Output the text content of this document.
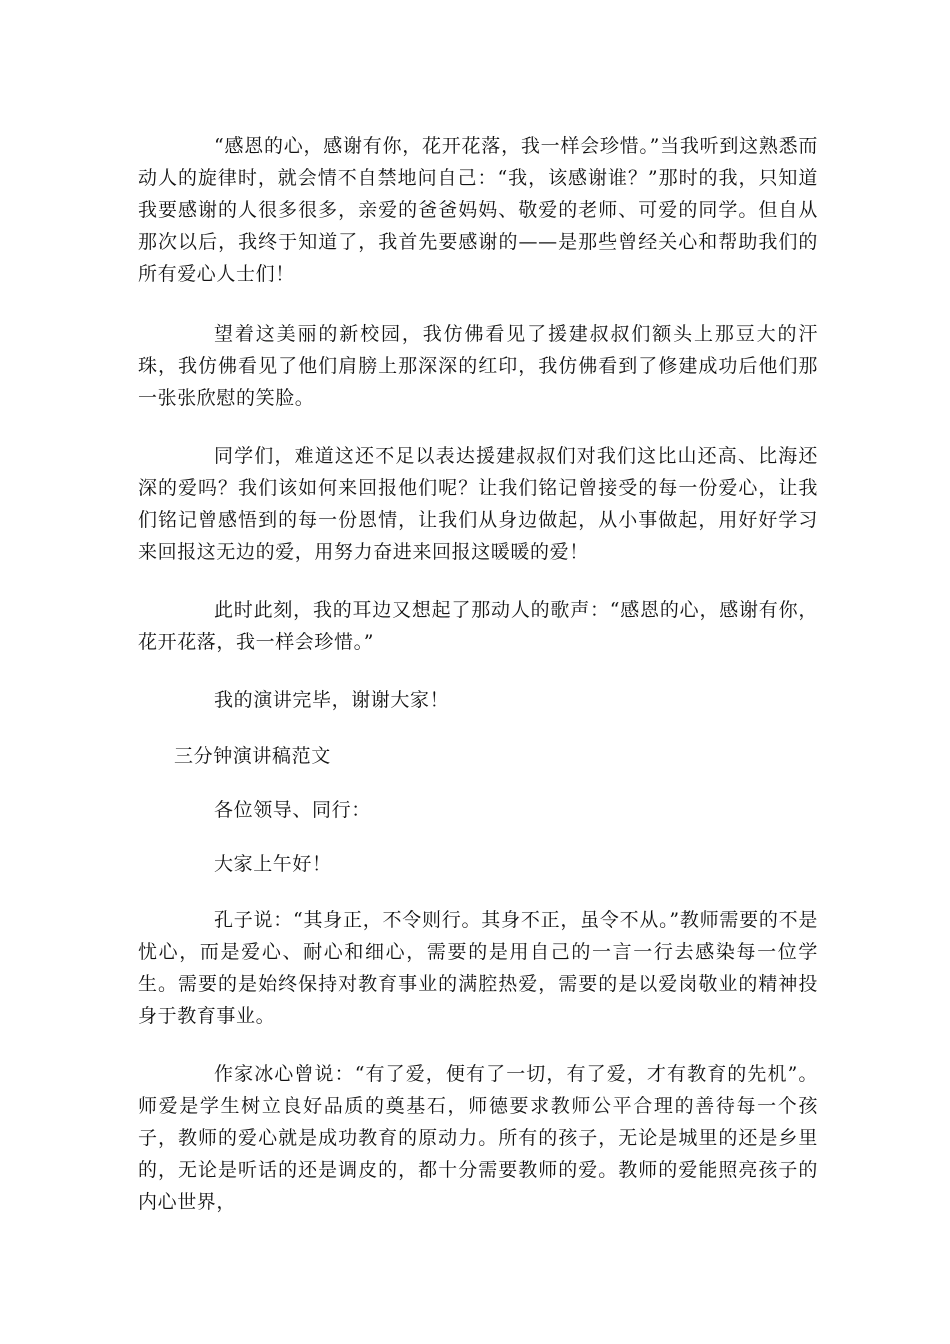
“感恩的心，感谢有你，花开花落，我一样会珍惜。”当我听到这熟悉而动人的旋律时，就会情不自禁地问自己：“我，该感谢谁？”那时的我，只知道我要感谢的人很多很多，亲爱的爸爸妈妈、敬爱的老师、可爱的同学。但自从那次以后，我终于知道了，我首先要感谢的——是那些曾经关心和帮助我们的所有爱心人士们！

望着这美丽的新校园，我仿佛看见了援建叔叔们额头上那豆大的汗珠，我仿佛看见了他们肩膀上那深深的红印，我仿佛看到了修建成功后他们那一张张欣慰的笑脸。

同学们，难道这还不足以表达援建叔叔们对我们这比山还高、比海还深的爱吗？我们该如何来回报他们呢？让我们铭记曾接受的每一份爱心，让我们铭记曾感悟到的每一份恩情，让我们从身边做起，从小事做起，用好好学习来回报这无边的爱，用努力奋进来回报这暖暖的爱！

此时此刻，我的耳边又想起了那动人的歌声：“感恩的心，感谢有你，花开花落，我一样会珍惜。”

我的演讲完毕，谢谢大家！

三分钟演讲稿范文

各位领导、同行：

大家上午好！

孔子说：“其身正，不令则行。其身不正，虽令不从。”教师需要的不是忧心，而是爱心、耐心和细心，需要的是用自己的一言一行去感染每一位学生。需要的是始终保持对教育事业的满腔热爱，需要的是以爱岗敬业的精神投身于教育事业。

作家冰心曾说：“有了爱，便有了一切，有了爱，才有教育的先机”。师爱是学生树立良好品质的奠基石，师德要求教师公平合理的善待每一个孩子，教师的爱心就是成功教育的原动力。所有的孩子，无论是城里的还是乡里的，无论是听话的还是调皮的，都十分需要教师的爱。教师的爱能照亮孩子的内心世界，
